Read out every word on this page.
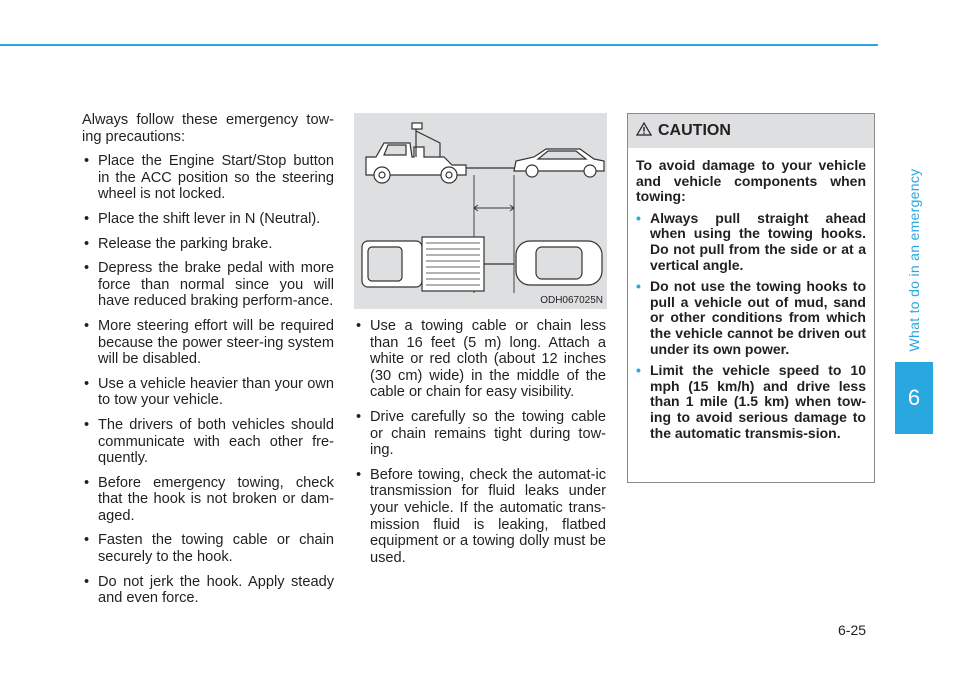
What to do in an emergency
6

Always follow these emergency tow-ing precautions:

• Place the Engine Start/Stop button in the ACC position so the steering wheel is not locked.
• Place the shift lever in N (Neutral).
• Release the parking brake.
• Depress the brake pedal with more force than normal since you will have reduced braking perform-ance.
• More steering effort will be required because the power steer-ing system will be disabled.
• Use a vehicle heavier than your own to tow your vehicle.
• The drivers of both vehicles should communicate with each other fre-quently.
• Before emergency towing, check that the hook is not broken or dam-aged.
• Fasten the towing cable or chain securely to the hook.
• Do not jerk the hook. Apply steady and even force.
ODH067025N
• Use a towing cable or chain less than 16 feet (5 m) long. Attach a white or red cloth (about 12 inches (30 cm) wide) in the middle of the cable or chain for easy visibility.
• Drive carefully so the towing cable or chain remains tight during tow-ing.
• Before towing, check the automat-ic transmission for fluid leaks under your vehicle. If the automatic trans-mission fluid is leaking, flatbed equipment or a towing dolly must be used.
CAUTION

To avoid damage to your vehicle and vehicle components when towing:

• Always pull straight ahead when using the towing hooks. Do not pull from the side or at a vertical angle.
• Do not use the towing hooks to pull a vehicle out of mud, sand or other conditions from which the vehicle cannot be driven out under its own power.
• Limit the vehicle speed to 10 mph (15 km/h) and drive less than 1 mile (1.5 km) when tow-ing to avoid serious damage to the automatic transmis-sion.
6-25
